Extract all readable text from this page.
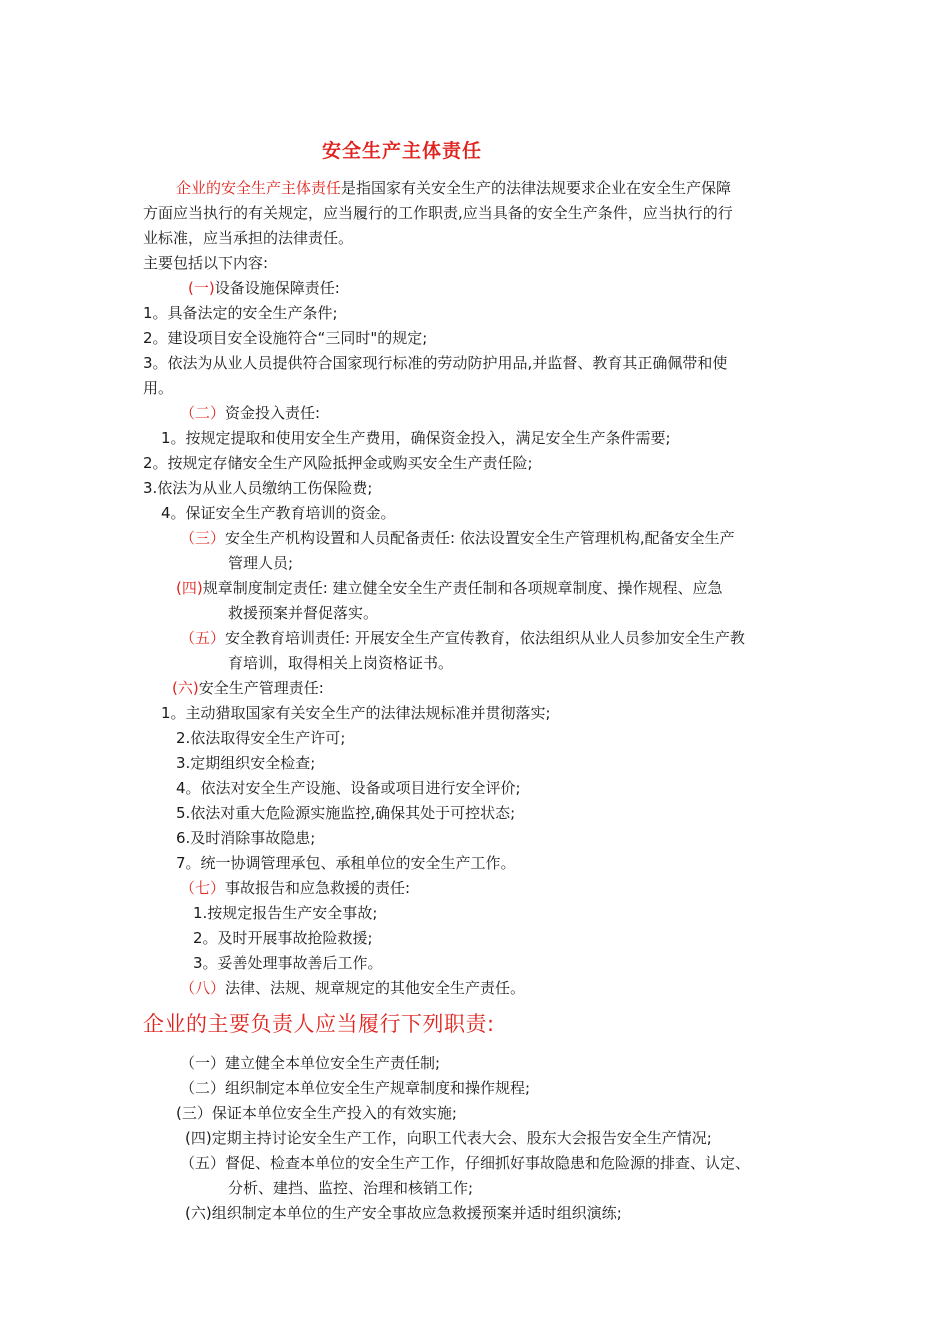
安全生产主体责任
企业的安全生产主体责任是指国家有关安全生产的法律法规要求企业在安全生产保障
方面应当执行的有关规定，应当履行的工作职责,应当具备的安全生产条件，应当执行的行
业标准，应当承担的法律责任。
主要包括以下内容:
(一)设备设施保障责任:
1。具备法定的安全生产条件;
2。建设项目安全设施符合“三同时"的规定;
3。依法为从业人员提供符合国家现行标准的劳动防护用品,并监督、教育其正确佩带和使
用。
（二）资金投入责任:
1。按规定提取和使用安全生产费用，确保资金投入，满足安全生产条件需要;
2。按规定存储安全生产风险抵押金或购买安全生产责任险;
3.依法为从业人员缴纳工伤保险费;
4。保证安全生产教育培训的资金。
（三）安全生产机构设置和人员配备责任: 依法设置安全生产管理机构,配备安全生产
管理人员;
(四)规章制度制定责任: 建立健全安全生产责任制和各项规章制度、操作规程、应急
救援预案并督促落实。
（五）安全教育培训责任: 开展安全生产宣传教育，依法组织从业人员参加安全生产教
育培训，取得相关上岗资格证书。
(六)安全生产管理责任:
1。主动猎取国家有关安全生产的法律法规标准并贯彻落实;
2.依法取得安全生产许可;
3.定期组织安全检查;
4。依法对安全生产设施、设备或项目进行安全评价;
5.依法对重大危险源实施监控,确保其处于可控状态;
6.及时消除事故隐患;
7。统一协调管理承包、承租单位的安全生产工作。
（七）事故报告和应急救援的责任:
1.按规定报告生产安全事故;
2。及时开展事故抢险救援;
3。妥善处理事故善后工作。
（八）法律、法规、规章规定的其他安全生产责任。
企业的主要负责人应当履行下列职责:
（一）建立健全本单位安全生产责任制;
（二）组织制定本单位安全生产规章制度和操作规程;
(三）保证本单位安全生产投入的有效实施;
(四)定期主持讨论安全生产工作，向职工代表大会、股东大会报告安全生产情况;
（五）督促、检查本单位的安全生产工作，仔细抓好事故隐患和危险源的排查、认定、
分析、建挡、监控、治理和核销工作;
(六)组织制定本单位的生产安全事故应急救援预案并适时组织演练;
